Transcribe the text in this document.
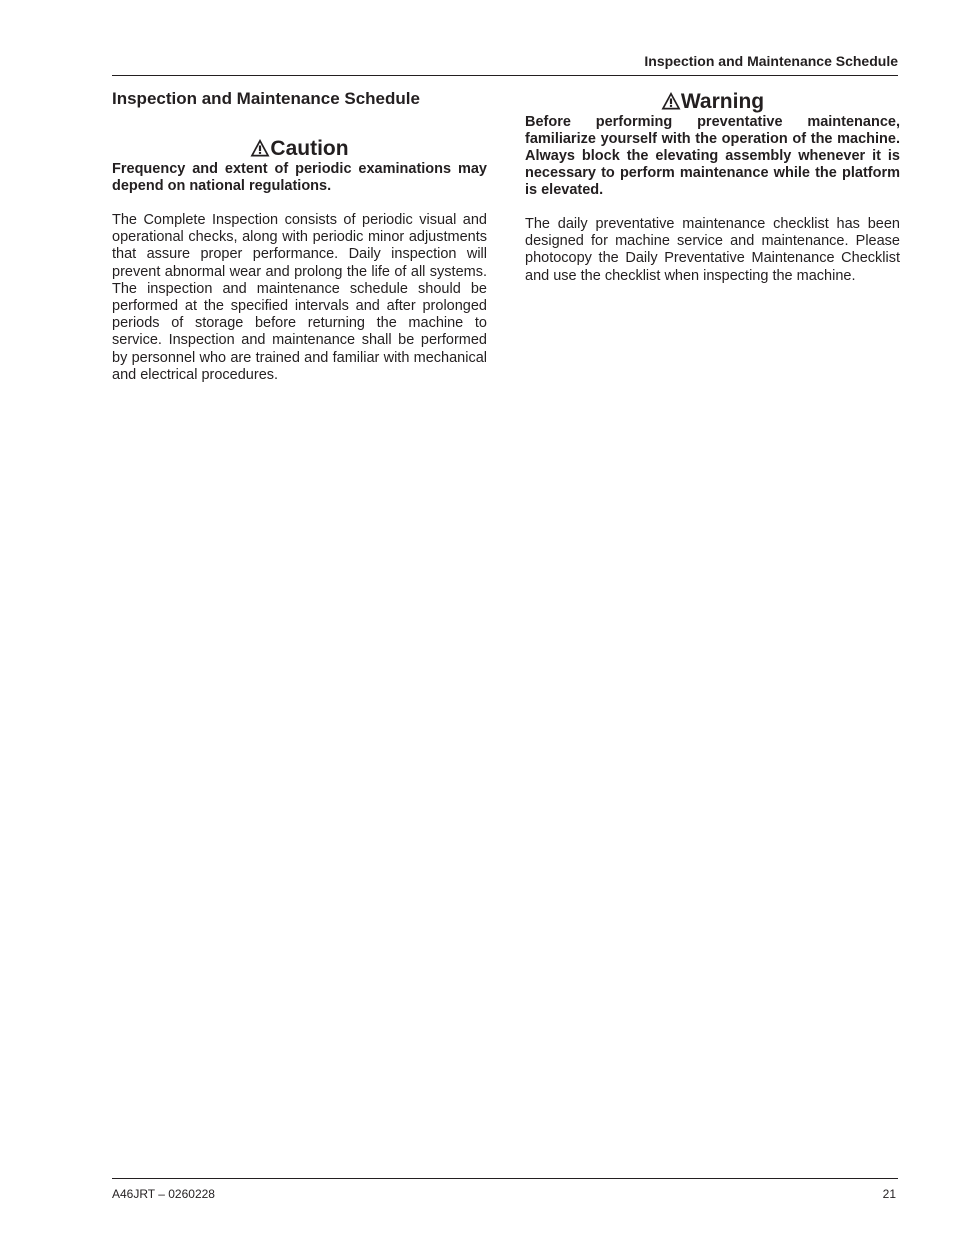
Inspection and Maintenance Schedule
Inspection and Maintenance Schedule
Caution

Frequency and extent of periodic examinations may depend on national regulations.

The Complete Inspection consists of periodic visual and operational checks, along with periodic minor adjustments that assure proper performance. Daily inspection will prevent abnormal wear and prolong the life of all systems. The inspection and maintenance schedule should be performed at the specified intervals and after prolonged periods of storage before returning the machine to service. Inspection and maintenance shall be performed by personnel who are trained and familiar with mechanical and electrical procedures.

Warning

Before performing preventative maintenance, familiarize yourself with the operation of the machine. Always block the elevating assembly whenever it is necessary to perform maintenance while the platform is elevated.

The daily preventative maintenance checklist has been designed for machine service and maintenance. Please photocopy the Daily Preventative Maintenance Checklist and use the checklist when inspecting the machine.

A46JRT – 0260228	21
